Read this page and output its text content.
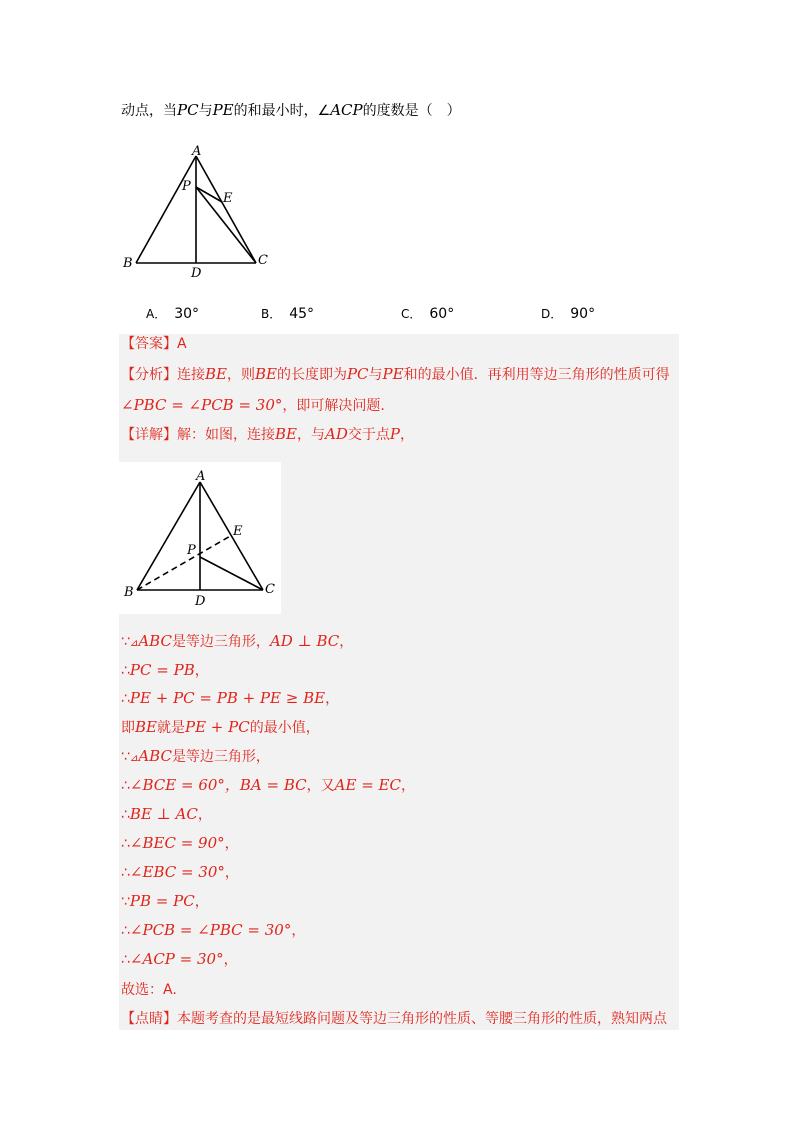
动点，当PC与PE的和最小时，∠ACP的度数是（　）
A
P
E
B
D
C
A． 30°	B． 45°	C． 60°	D． 90°
【答案】A
【分析】连接BE，则BE的长度即为PC与PE和的最小值．再利用等边三角形的性质可得
∠PBC = ∠PCB = 30°，即可解决问题.
【详解】解：如图，连接BE，与AD交于点P，
A
P
E
B
D
C
∵⊿ABC是等边三角形，AD ⊥ BC，
∴PC = PB，
∴PE + PC = PB + PE ≥ BE，
即BE就是PE + PC的最小值，
∵⊿ABC是等边三角形，
∴∠BCE = 60°，BA = BC，又AE = EC，
∴BE ⊥ AC，
∴∠BEC = 90°，
∴∠EBC = 30°，
∵PB = PC，
∴∠PCB = ∠PBC = 30°，
∴∠ACP = 30°，
故选：A.
【点睛】本题考查的是最短线路问题及等边三角形的性质、等腰三角形的性质，熟知两点
